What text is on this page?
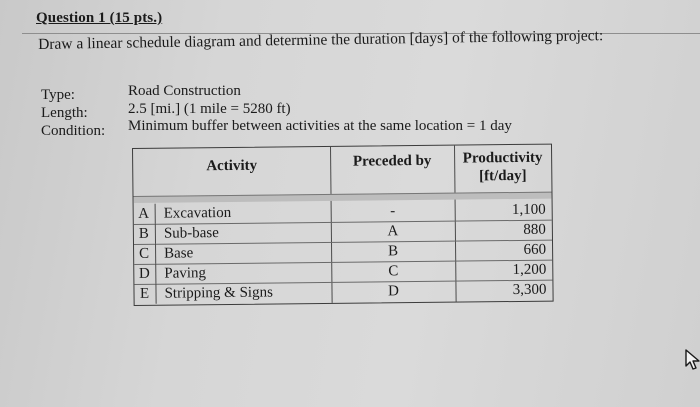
Question 1 (15 pts.)
Draw a linear schedule diagram and determine the duration [days] of the following project:
Type:	Road Construction
Length:	2.5 [mi.] (1 mile = 5280 ft)
Condition: Minimum buffer between activities at the same location = 1 day
Activity	Preceded by	Productivity
[ft/day]
A Excavation	-	1,100
B Sub-base	A	880
C Base	B	660
D Paving	C	1,200
E Stripping & Signs	D	3,300
